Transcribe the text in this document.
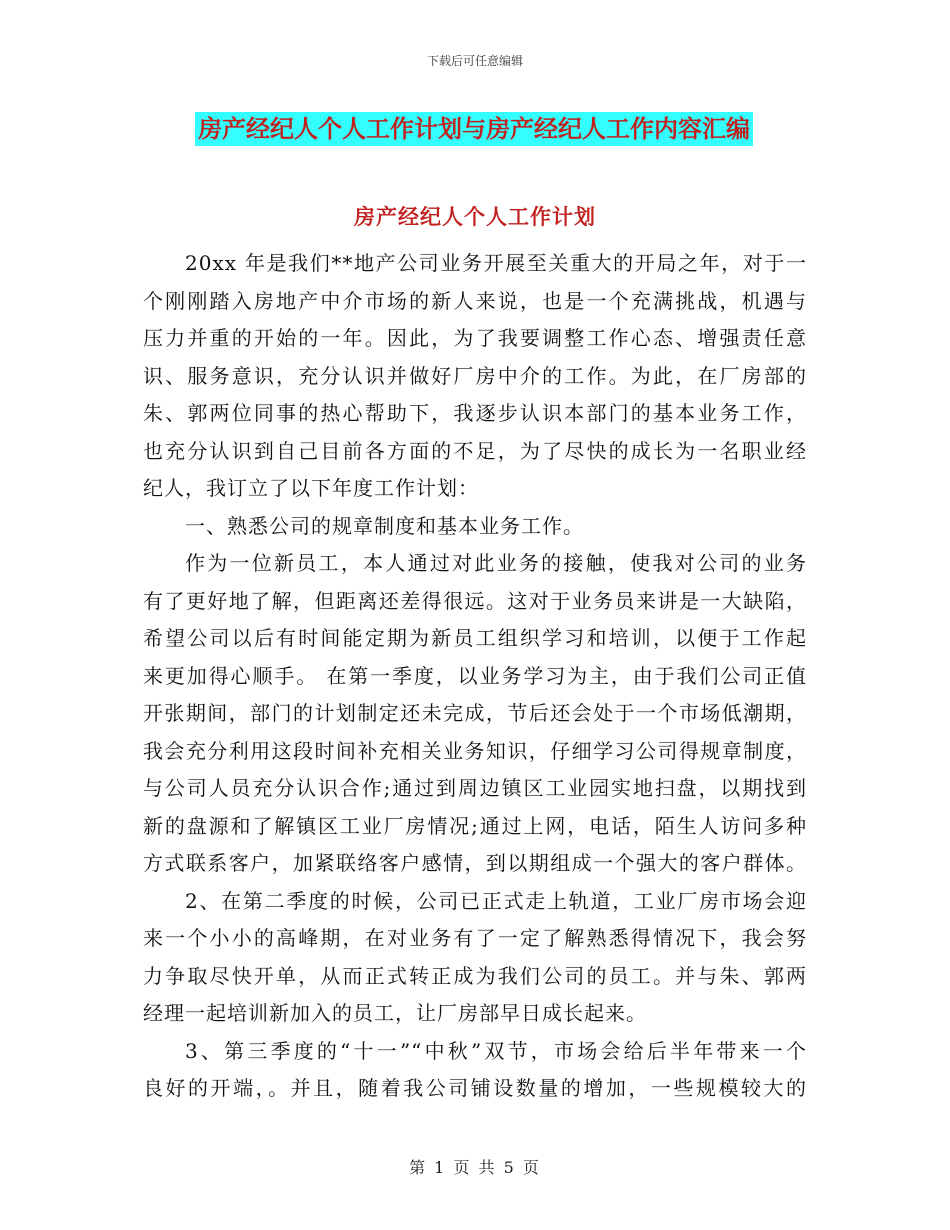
下载后可任意编辑
房产经纪人个人工作计划与房产经纪人工作内容汇编
房产经纪人个人工作计划
20xx 年是我们**地产公司业务开展至关重大的开局之年，对于一
个刚刚踏入房地产中介市场的新人来说，也是一个充满挑战，机遇与
压力并重的开始的一年。因此，为了我要调整工作心态、增强责任意
识、服务意识，充分认识并做好厂房中介的工作。为此，在厂房部的
朱、郭两位同事的热心帮助下，我逐步认识本部门的基本业务工作，
也充分认识到自己目前各方面的不足，为了尽快的成长为一名职业经
纪人，我订立了以下年度工作计划：
一、熟悉公司的规章制度和基本业务工作。
作为一位新员工，本人通过对此业务的接触，使我对公司的业务
有了更好地了解，但距离还差得很远。这对于业务员来讲是一大缺陷，
希望公司以后有时间能定期为新员工组织学习和培训，以便于工作起
来更加得心顺手。 在第一季度，以业务学习为主，由于我们公司正值
开张期间，部门的计划制定还未完成，节后还会处于一个市场低潮期，
我会充分利用这段时间补充相关业务知识，仔细学习公司得规章制度，
与公司人员充分认识合作;通过到周边镇区工业园实地扫盘，以期找到
新的盘源和了解镇区工业厂房情况;通过上网，电话，陌生人访问多种
方式联系客户，加紧联络客户感情，到以期组成一个强大的客户群体。
2、在第二季度的时候，公司已正式走上轨道，工业厂房市场会迎
来一个小小的高峰期，在对业务有了一定了解熟悉得情况下，我会努
力争取尽快开单，从而正式转正成为我们公司的员工。并与朱、郭两
经理一起培训新加入的员工，让厂房部早日成长起来。
3、第三季度的“十一”“中秋”双节，市场会给后半年带来一个
良好的开端，。并且，随着我公司铺设数量的增加，一些规模较大的
第 1 页 共 5 页
